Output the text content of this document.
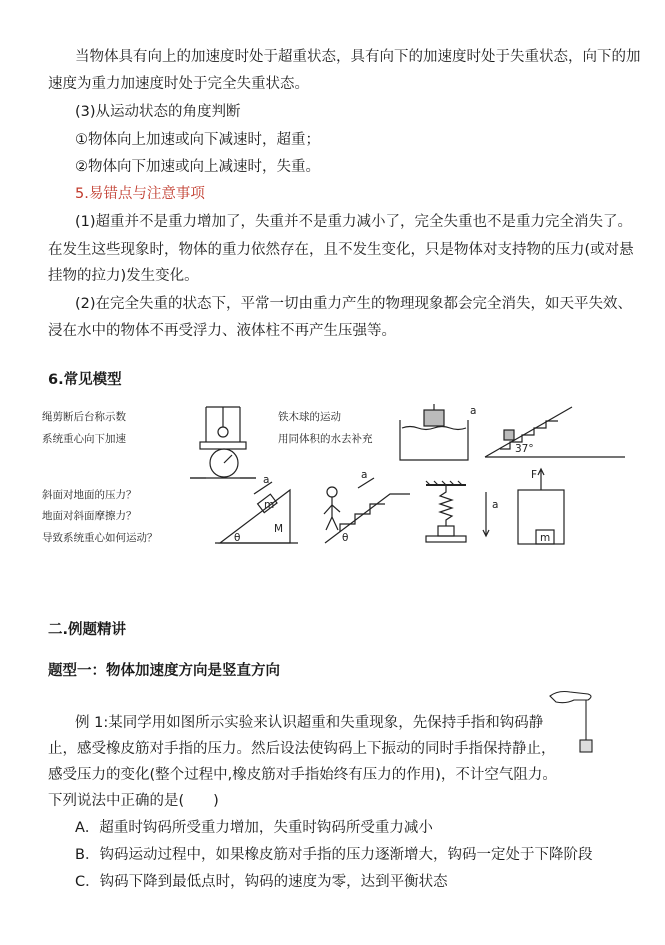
当物体具有向上的加速度时处于超重状态，具有向下的加速度时处于失重状态，向下的加
速度为重力加速度时处于完全失重状态。
(3)从运动状态的角度判断
①物体向上加速或向下减速时，超重；
②物体向下加速或向上减速时，失重。
5.易错点与注意事项
(1)超重并不是重力增加了，失重并不是重力减小了，完全失重也不是重力完全消失了。
在发生这些现象时，物体的重力依然存在，且不发生变化，只是物体对支持物的压力(或对悬
挂物的拉力)发生变化。
(2)在完全失重的状态下，平常一切由重力产生的物理现象都会完全消失，如天平失效、
浸在水中的物体不再受浮力、液体柱不再产生压强等。
6.常见模型
绳剪断后台称示数
系统重心向下加速
铁木球的运动
用同体积的水去补充
a
37°
斜面对地面的压力？
地面对斜面摩擦力？
导致系统重心如何运动？
a
m
M
θ
a
θ
a
F
m
二.例题精讲
题型一：物体加速度方向是竖直方向
例 1:某同学用如图所示实验来认识超重和失重现象，先保持手指和钩码静
止，感受橡皮筋对手指的压力。然后设法使钩码上下振动的同时手指保持静止，
感受压力的变化(整个过程中,橡皮筋对手指始终有压力的作用)，不计空气阻力。
下列说法中正确的是(　　)
A．超重时钩码所受重力增加，失重时钩码所受重力减小
B．钩码运动过程中，如果橡皮筋对手指的压力逐渐增大，钩码一定处于下降阶段
C．钩码下降到最低点时，钩码的速度为零，达到平衡状态
